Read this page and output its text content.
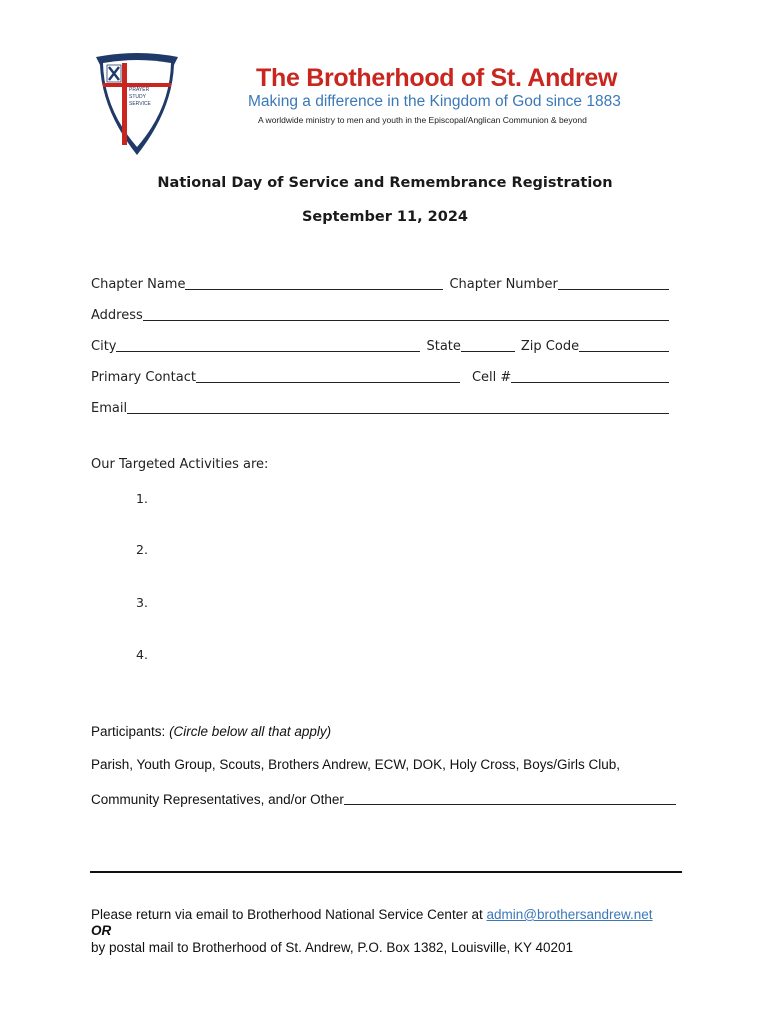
PRAYER
STUDY
SERVICE
The Brotherhood of St. Andrew
Making a difference in the Kingdom of God since 1883
A worldwide ministry to men and youth in the Episcopal/Anglican Communion & beyond
National Day of Service and Remembrance Registration
September 11, 2024
Chapter Name	Chapter Number
Address
City	State	Zip Code
Primary Contact	Cell #
Email
Our Targeted Activities are:
1.
2.
3.
4.
Participants: (Circle below all that apply)
Parish, Youth Group, Scouts, Brothers Andrew, ECW, DOK, Holy Cross, Boys/Girls Club,
Community Representatives, and/or Other
Please return via email to Brotherhood National Service Center at admin@brothersandrew.net
OR
by postal mail to Brotherhood of St. Andrew, P.O. Box 1382, Louisville, KY 40201
